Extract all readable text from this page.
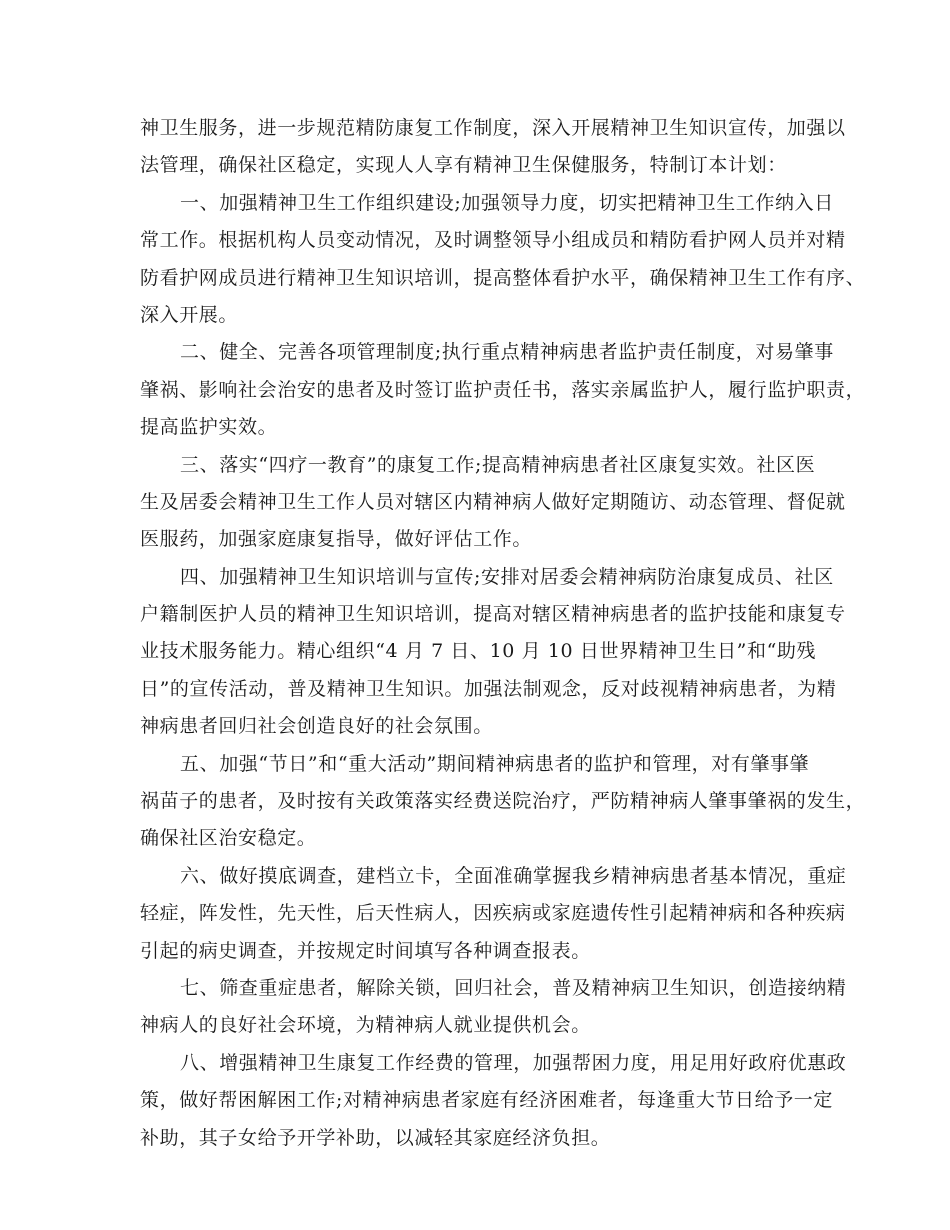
神卫生服务，进一步规范精防康复工作制度，深入开展精神卫生知识宣传，加强以
法管理，确保社区稳定，实现人人享有精神卫生保健服务，特制订本计划：
一、加强精神卫生工作组织建设;加强领导力度，切实把精神卫生工作纳入日
常工作。根据机构人员变动情况，及时调整领导小组成员和精防看护网人员并对精
防看护网成员进行精神卫生知识培训，提高整体看护水平，确保精神卫生工作有序、
深入开展。
二、健全、完善各项管理制度;执行重点精神病患者监护责任制度，对易肇事
肇祸、影响社会治安的患者及时签订监护责任书，落实亲属监护人，履行监护职责，
提高监护实效。
三、落实“四疗一教育”的康复工作;提高精神病患者社区康复实效。社区医
生及居委会精神卫生工作人员对辖区内精神病人做好定期随访、动态管理、督促就
医服药，加强家庭康复指导，做好评估工作。
四、加强精神卫生知识培训与宣传;安排对居委会精神病防治康复成员、社区
户籍制医护人员的精神卫生知识培训，提高对辖区精神病患者的监护技能和康复专
业技术服务能力。精心组织“4 月 7 日、10 月 10 日世界精神卫生日”和“助残
日”的宣传活动，普及精神卫生知识。加强法制观念，反对歧视精神病患者，为精
神病患者回归社会创造良好的社会氛围。
五、加强“节日”和“重大活动”期间精神病患者的监护和管理，对有肇事肇
祸苗子的患者，及时按有关政策落实经费送院治疗，严防精神病人肇事肇祸的发生，
确保社区治安稳定。
六、做好摸底调查，建档立卡，全面准确掌握我乡精神病患者基本情况，重症
轻症，阵发性，先天性，后天性病人，因疾病或家庭遗传性引起精神病和各种疾病
引起的病史调查，并按规定时间填写各种调查报表。
七、筛查重症患者，解除关锁，回归社会，普及精神病卫生知识，创造接纳精
神病人的良好社会环境，为精神病人就业提供机会。
八、增强精神卫生康复工作经费的管理，加强帮困力度，用足用好政府优惠政
策，做好帮困解困工作;对精神病患者家庭有经济困难者，每逢重大节日给予一定
补助，其子女给予开学补助，以减轻其家庭经济负担。
